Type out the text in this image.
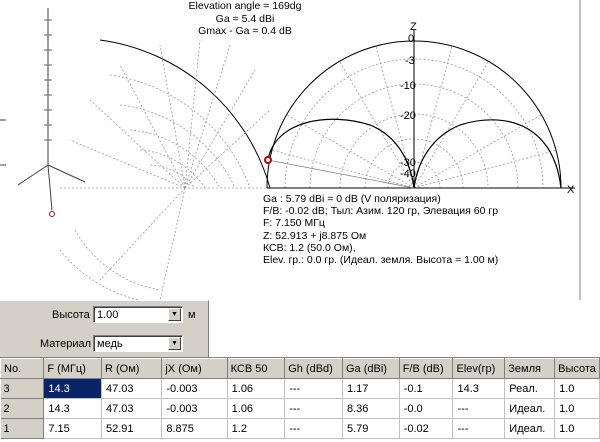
Z
X
0
-3
-10
-20
-30
-40
Elevation angle = 169dg
Ga = 5.4 dBi
Gmax - Ga = 0.4 dB
Ga : 5.79 dBi = 0 dB (V поляризация)
F/B: -0.02 dB; Тыл: Азим. 120 гр, Элевация 60 гр
F: 7.150 МГц
Z: 52.913 + j8.875 Ом
КСВ: 1.2 (50.0 Ом),
Elev. гр.: 0.0 гр. (Идеал. земля. Высота = 1.00 м)
Высота 1.00	▼ м
Материал медь	▼
No.	F (МГц)	R (Ом)	jX (Ом)	КСВ 50	Gh (dBd)	Ga (dBi)	F/B (dB)	Elev(гр)	Земля	Высота
3	14.3	47.03	-0.003	1.06	---	1.17	-0.1	14.3	Реал.	1.0
2	14.3	47.03	-0.003	1.06	---	8.36	-0.0	---	Идеал.	1.0
1	7.15	52.91	8.875	1.2	---	5.79	-0.02	---	Идеал.	1.0
